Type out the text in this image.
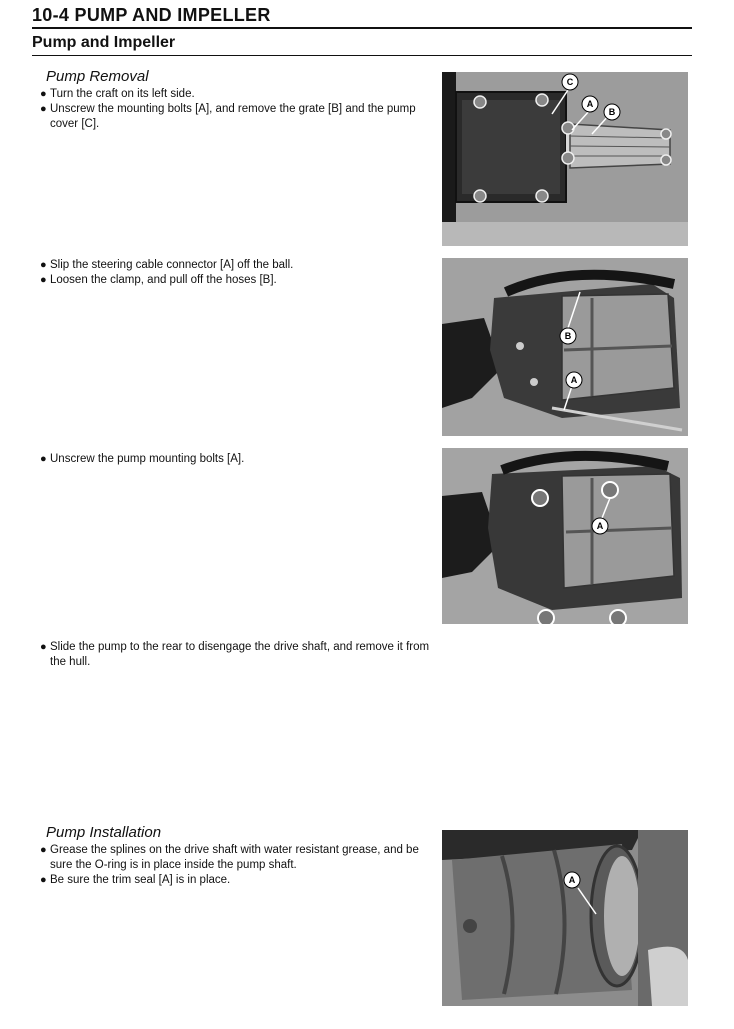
10-4 PUMP AND IMPELLER
Pump and Impeller
Pump Removal
● Turn the craft on its left side.
● Unscrew the mounting bolts [A], and remove the grate [B] and the pump cover [C].
● Slip the steering cable connector [A] off the ball.
● Loosen the clamp, and pull off the hoses [B].
● Unscrew the pump mounting bolts [A].
● Slide the pump to the rear to disengage the drive shaft, and remove it from the hull.
Pump Installation
● Grease the splines on the drive shaft with water resistant grease, and be sure the O-ring is in place inside the pump shaft.
● Be sure the trim seal [A] is in place.
C
A
B
B
A
A
A
